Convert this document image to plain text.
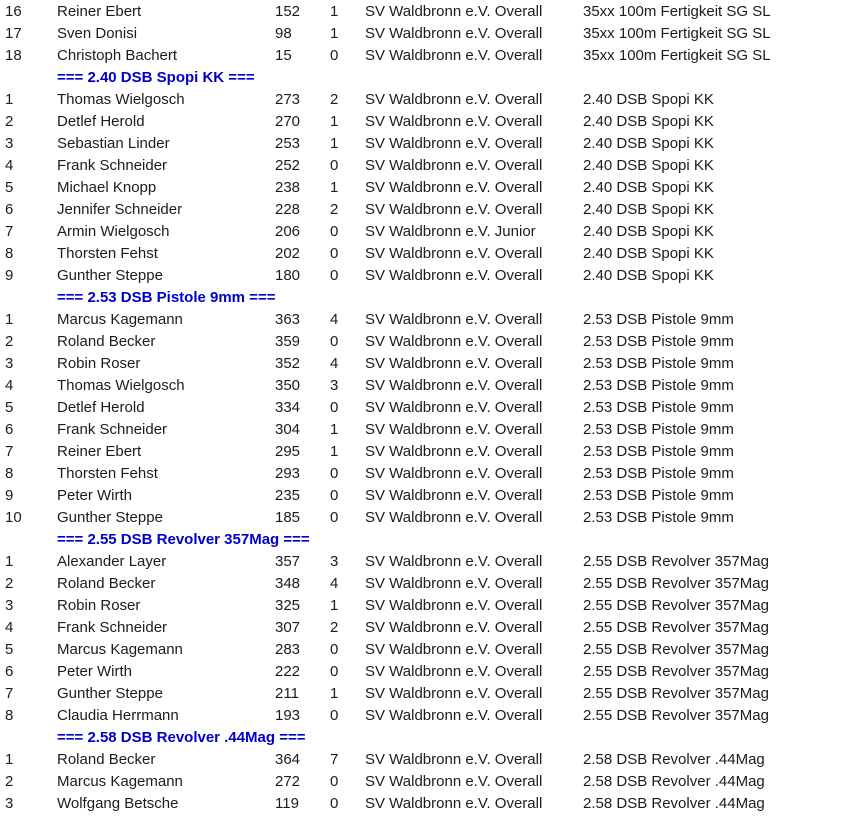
16	Reiner Ebert	152	1	SV Waldbronn e.V. Overall	35xx 100m Fertigkeit SG SL
17	Sven Donisi	98	1	SV Waldbronn e.V. Overall	35xx 100m Fertigkeit SG SL
18	Christoph Bachert	15	0	SV Waldbronn e.V. Overall	35xx 100m Fertigkeit SG SL
=== 2.40 DSB Spopi KK ===
1	Thomas Wielgosch	273	2	SV Waldbronn e.V. Overall	2.40 DSB Spopi KK
2	Detlef Herold	270	1	SV Waldbronn e.V. Overall	2.40 DSB Spopi KK
3	Sebastian Linder	253	1	SV Waldbronn e.V. Overall	2.40 DSB Spopi KK
4	Frank Schneider	252	0	SV Waldbronn e.V. Overall	2.40 DSB Spopi KK
5	Michael Knopp	238	1	SV Waldbronn e.V. Overall	2.40 DSB Spopi KK
6	Jennifer Schneider	228	2	SV Waldbronn e.V. Overall	2.40 DSB Spopi KK
7	Armin Wielgosch	206	0	SV Waldbronn e.V. Junior	2.40 DSB Spopi KK
8	Thorsten Fehst	202	0	SV Waldbronn e.V. Overall	2.40 DSB Spopi KK
9	Gunther Steppe	180	0	SV Waldbronn e.V. Overall	2.40 DSB Spopi KK
=== 2.53 DSB Pistole 9mm ===
1	Marcus Kagemann	363	4	SV Waldbronn e.V. Overall	2.53 DSB Pistole 9mm
2	Roland Becker	359	0	SV Waldbronn e.V. Overall	2.53 DSB Pistole 9mm
3	Robin Roser	352	4	SV Waldbronn e.V. Overall	2.53 DSB Pistole 9mm
4	Thomas Wielgosch	350	3	SV Waldbronn e.V. Overall	2.53 DSB Pistole 9mm
5	Detlef Herold	334	0	SV Waldbronn e.V. Overall	2.53 DSB Pistole 9mm
6	Frank Schneider	304	1	SV Waldbronn e.V. Overall	2.53 DSB Pistole 9mm
7	Reiner Ebert	295	1	SV Waldbronn e.V. Overall	2.53 DSB Pistole 9mm
8	Thorsten Fehst	293	0	SV Waldbronn e.V. Overall	2.53 DSB Pistole 9mm
9	Peter Wirth	235	0	SV Waldbronn e.V. Overall	2.53 DSB Pistole 9mm
10	Gunther Steppe	185	0	SV Waldbronn e.V. Overall	2.53 DSB Pistole 9mm
=== 2.55 DSB Revolver 357Mag ===
1	Alexander Layer	357	3	SV Waldbronn e.V. Overall	2.55 DSB Revolver 357Mag
2	Roland Becker	348	4	SV Waldbronn e.V. Overall	2.55 DSB Revolver 357Mag
3	Robin Roser	325	1	SV Waldbronn e.V. Overall	2.55 DSB Revolver 357Mag
4	Frank Schneider	307	2	SV Waldbronn e.V. Overall	2.55 DSB Revolver 357Mag
5	Marcus Kagemann	283	0	SV Waldbronn e.V. Overall	2.55 DSB Revolver 357Mag
6	Peter Wirth	222	0	SV Waldbronn e.V. Overall	2.55 DSB Revolver 357Mag
7	Gunther Steppe	211	1	SV Waldbronn e.V. Overall	2.55 DSB Revolver 357Mag
8	Claudia Herrmann	193	0	SV Waldbronn e.V. Overall	2.55 DSB Revolver 357Mag
=== 2.58 DSB Revolver .44Mag ===
1	Roland Becker	364	7	SV Waldbronn e.V. Overall	2.58 DSB Revolver .44Mag
2	Marcus Kagemann	272	0	SV Waldbronn e.V. Overall	2.58 DSB Revolver .44Mag
3	Wolfgang Betsche	119	0	SV Waldbronn e.V. Overall	2.58 DSB Revolver .44Mag
